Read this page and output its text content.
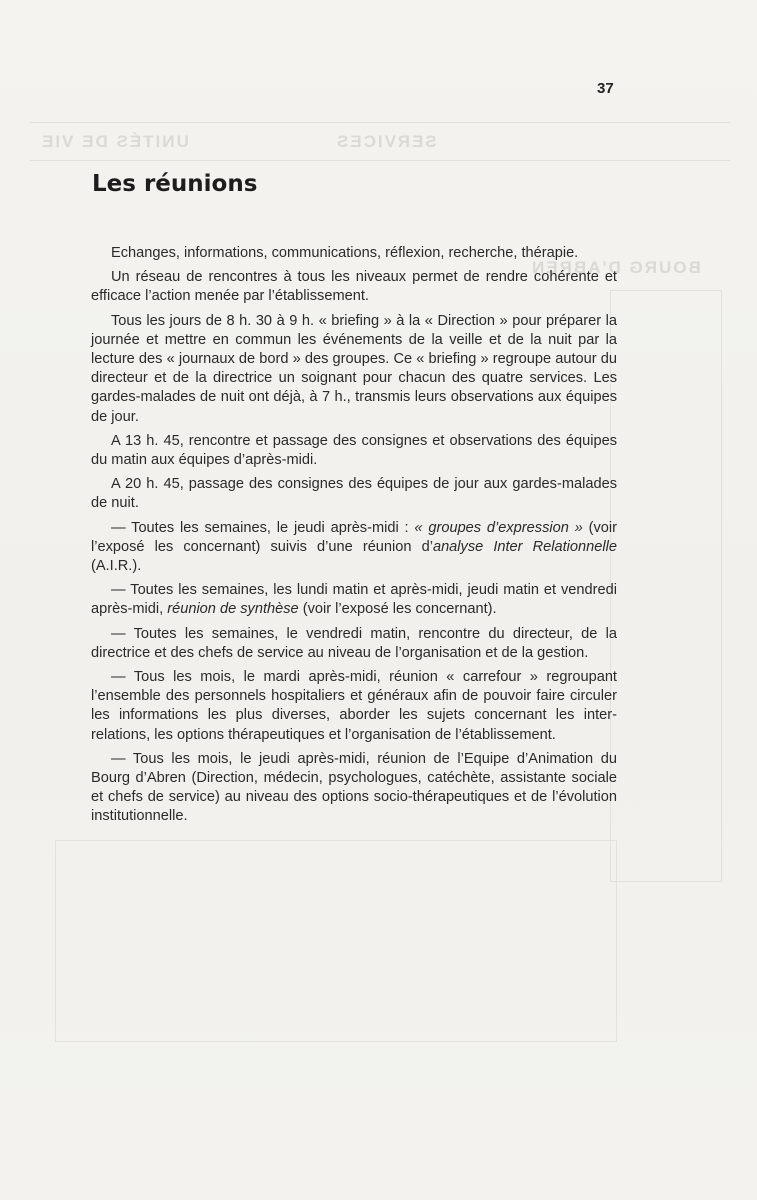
UNITÉS DE VIE	SERVICES
BOURG D'ABREN
37
Les réunions

Echanges, informations, communications, réflexion, recherche, thérapie.

Un réseau de rencontres à tous les niveaux permet de rendre cohérente et efficace l’action menée par l’établissement.

Tous les jours de 8 h. 30 à 9 h. « briefing » à la « Direction » pour préparer la journée et mettre en commun les événements de la veille et de la nuit par la lecture des « journaux de bord » des groupes. Ce « briefing » regroupe autour du directeur et de la directrice un soignant pour chacun des quatre services. Les gardes-malades de nuit ont déjà, à 7 h., transmis leurs observations aux équipes de jour.

A 13 h. 45, rencontre et passage des consignes et observations des équipes du matin aux équipes d’après-midi.

A 20 h. 45, passage des consignes des équipes de jour aux gardes-malades de nuit.

— Toutes les semaines, le jeudi après-midi : « groupes d’expression » (voir l’exposé les concernant) suivis d’une réunion d’analyse Inter Relationnelle (A.I.R.).

— Toutes les semaines, les lundi matin et après-midi, jeudi matin et vendredi après-midi, réunion de synthèse (voir l’exposé les concernant).

— Toutes les semaines, le vendredi matin, rencontre du directeur, de la directrice et des chefs de service au niveau de l’organisation et de la gestion.

— Tous les mois, le mardi après-midi, réunion « carrefour » regroupant l’ensemble des personnels hospitaliers et généraux afin de pouvoir faire circuler les informations les plus diverses, aborder les sujets concernant les inter-relations, les options thérapeutiques et l’organisation de l’établissement.

— Tous les mois, le jeudi après-midi, réunion de l’Equipe d’Animation du Bourg d’Abren (Direction, médecin, psychologues, catéchète, assistante sociale et chefs de service) au niveau des options socio-thérapeutiques et de l’évolution institutionnelle.
